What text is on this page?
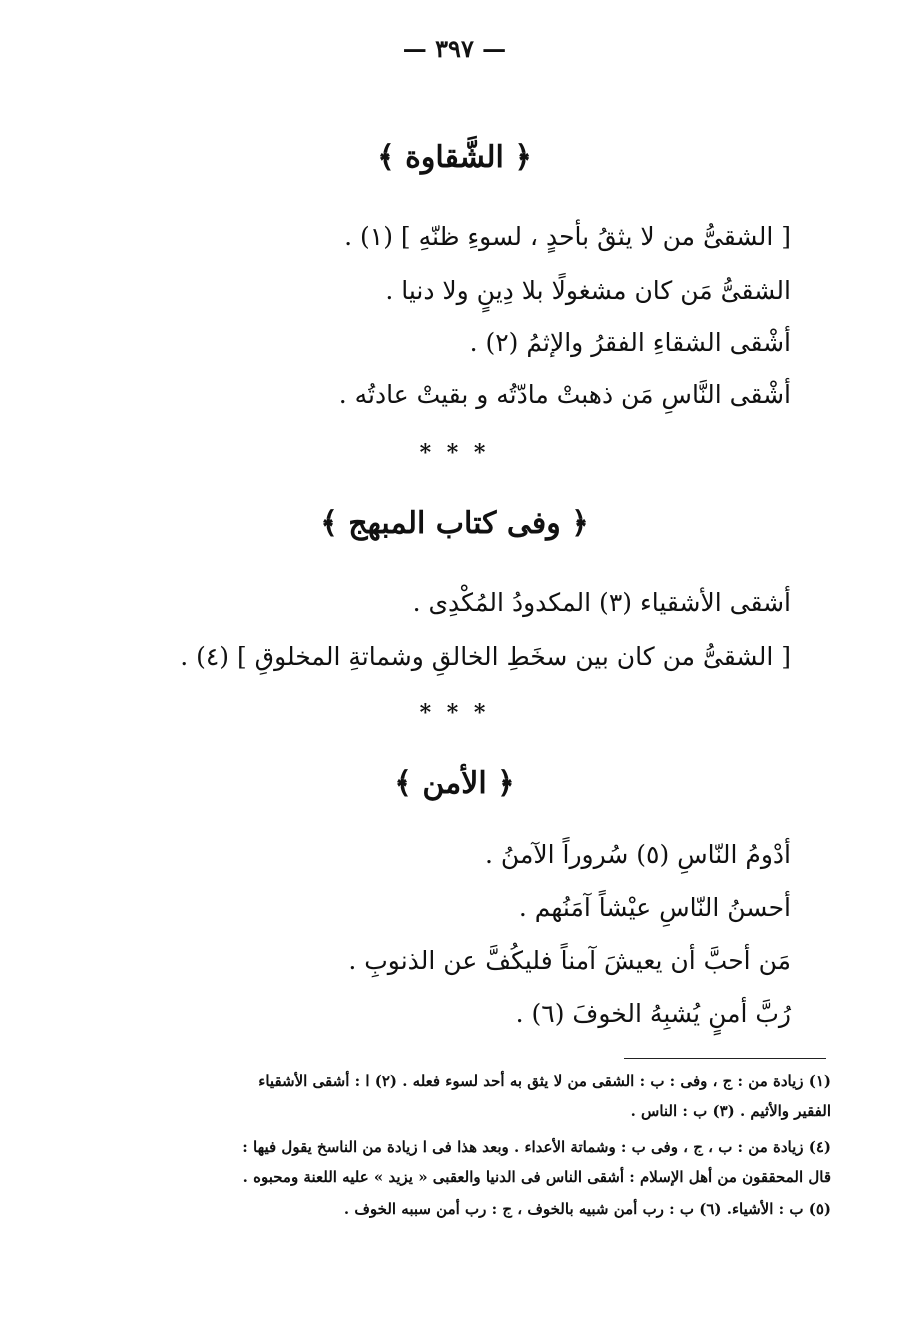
— ٣٩٧ —
﴿ الشَّقاوة ﴾
[ الشقىُّ من لا يثقُ بأحدٍ ، لسوءِ ظنّهِ ] (١) .
الشقىُّ مَن كان مشغولًا بلا دِينٍ ولا دنيا .
أشْقى الشقاءِ الفقرُ والإثمُ (٢) .
أشْقى النَّاسِ مَن ذهبتْ مادّتُه و بقيتْ عادتُه .
* * *
﴿ وفى كتاب المبهج ﴾
أشقى الأشقياء (٣) المكدودُ المُكْدِى .
[ الشقىُّ من كان بين سخَطِ الخالقِ وشماتةِ المخلوقِ ] (٤) .
* * *
﴿ الأمن ﴾
أدْومُ النّاسِ (٥) سُروراً الآمنُ .
أحسنُ النّاسِ عيْشاً آمَنُهم .
مَن أحبَّ أن يعيشَ آمناً فليكُفَّ عن الذنوبِ .
رُبَّ أمنٍ يُشبِهُ الخوفَ (٦) .
(١) زيادة من : ج ، وفى : ب : الشقى من لا يثق به أحد لسوء فعله . (٢) ا : أشقى الأشقياء
الفقير والأثيم . (٣) ب : الناس .
(٤) زيادة من : ب ، ج ، وفى ب : وشماتة الأعداء . وبعد هذا فى ا زيادة من الناسخ يقول فيها :
قال المحققون من أهل الإسلام : أشقى الناس فى الدنيا والعقبى « يزيد » عليه اللعنة ومحبوه .
(٥) ب : الأشياء. (٦) ب : رب أمن شبيه بالخوف ، ج : رب أمن سببه الخوف .
